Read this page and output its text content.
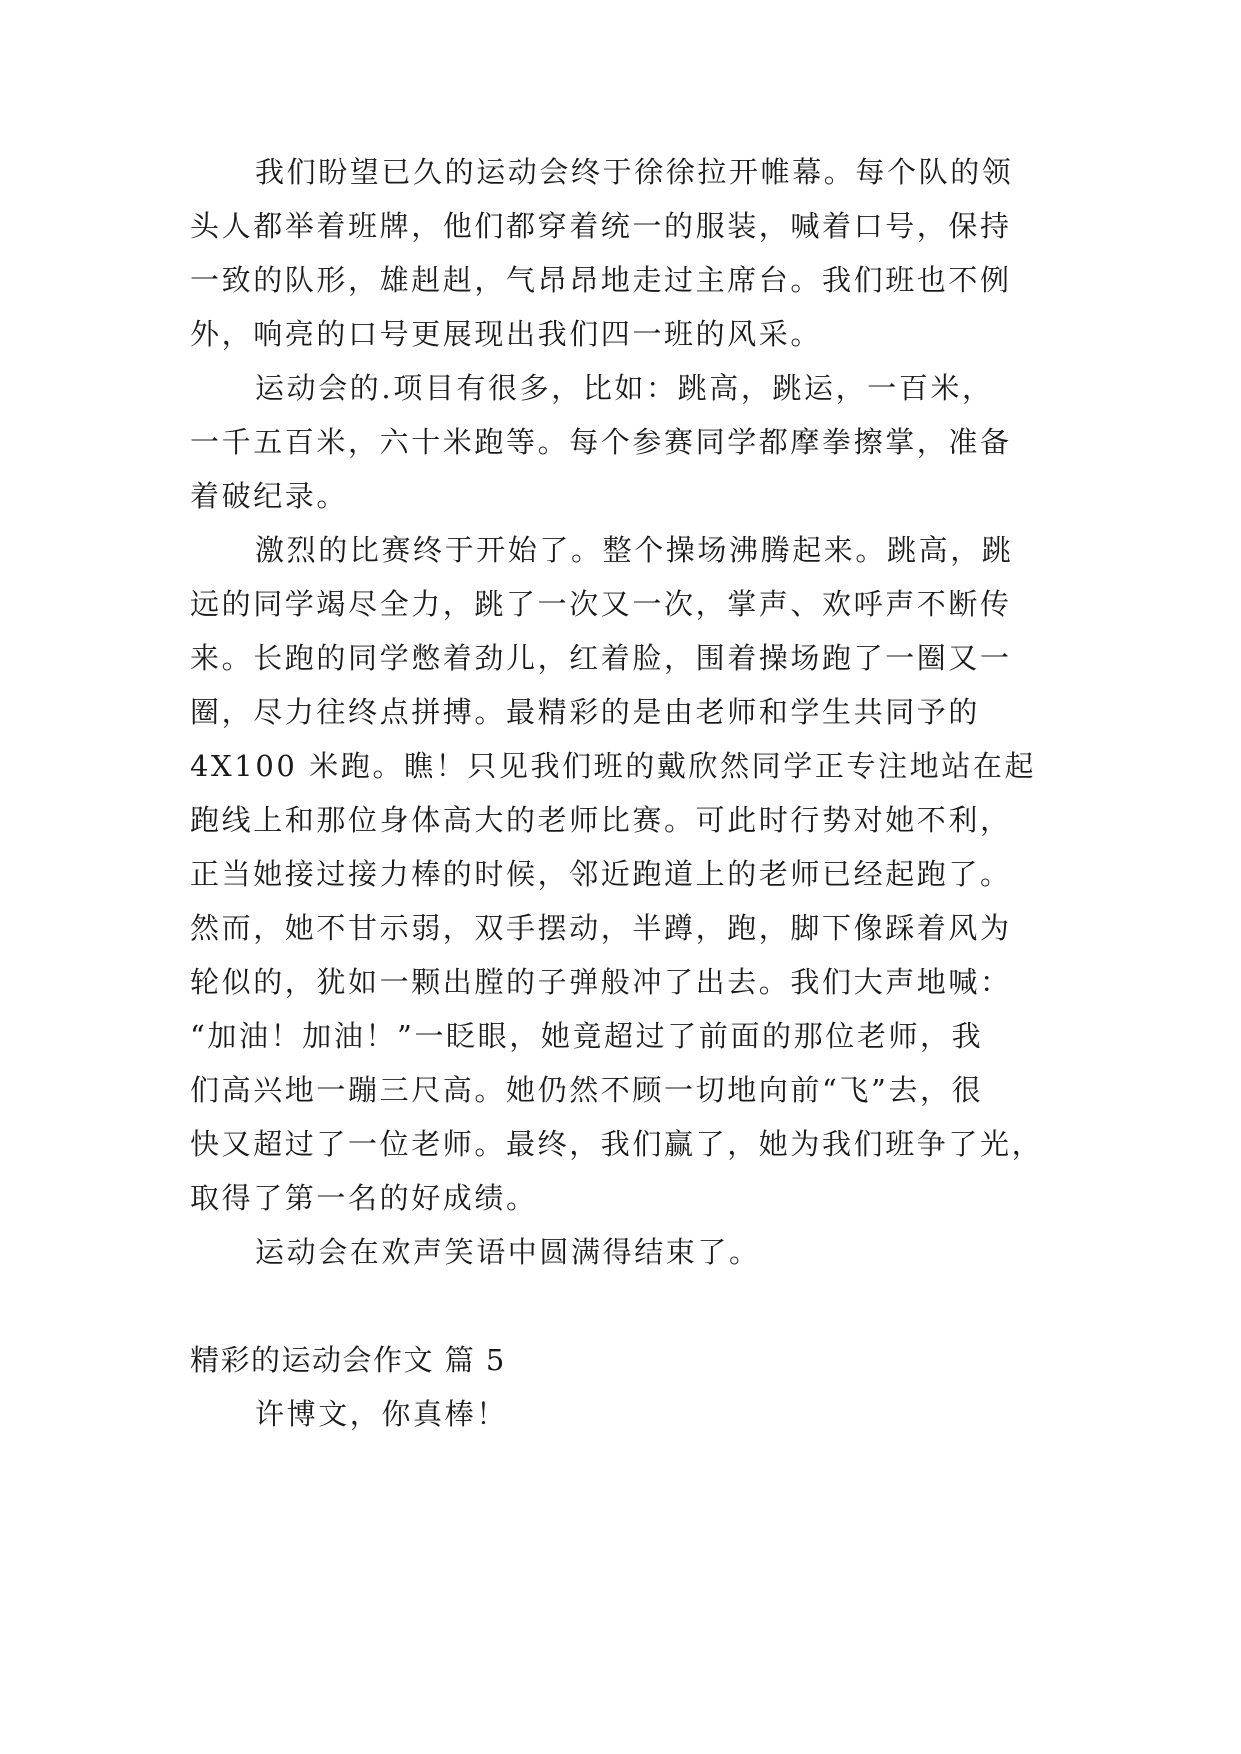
我们盼望已久的运动会终于徐徐拉开帷幕。每个队的领
头人都举着班牌，他们都穿着统一的服装，喊着口号，保持
一致的队形，雄赳赳，气昂昂地走过主席台。我们班也不例
外，响亮的口号更展现出我们四一班的风采。
运动会的.项目有很多，比如：跳高，跳运，一百米，
一千五百米，六十米跑等。每个参赛同学都摩拳擦掌，准备
着破纪录。
激烈的比赛终于开始了。整个操场沸腾起来。跳高，跳
远的同学竭尽全力，跳了一次又一次，掌声、欢呼声不断传
来。长跑的同学憋着劲儿，红着脸，围着操场跑了一圈又一
圈，尽力往终点拼搏。最精彩的是由老师和学生共同予的
4X100 米跑。瞧！只见我们班的戴欣然同学正专注地站在起
跑线上和那位身体高大的老师比赛。可此时行势对她不利，
正当她接过接力棒的时候，邻近跑道上的老师已经起跑了。
然而，她不甘示弱，双手摆动，半蹲，跑，脚下像踩着风为
轮似的，犹如一颗出膛的子弹般冲了出去。我们大声地喊：
“加油！加油！”一眨眼，她竟超过了前面的那位老师，我
们高兴地一蹦三尺高。她仍然不顾一切地向前“飞”去，很
快又超过了一位老师。最终，我们赢了，她为我们班争了光，
取得了第一名的好成绩。
运动会在欢声笑语中圆满得结束了。
精彩的运动会作文 篇 5
许博文，你真棒！
